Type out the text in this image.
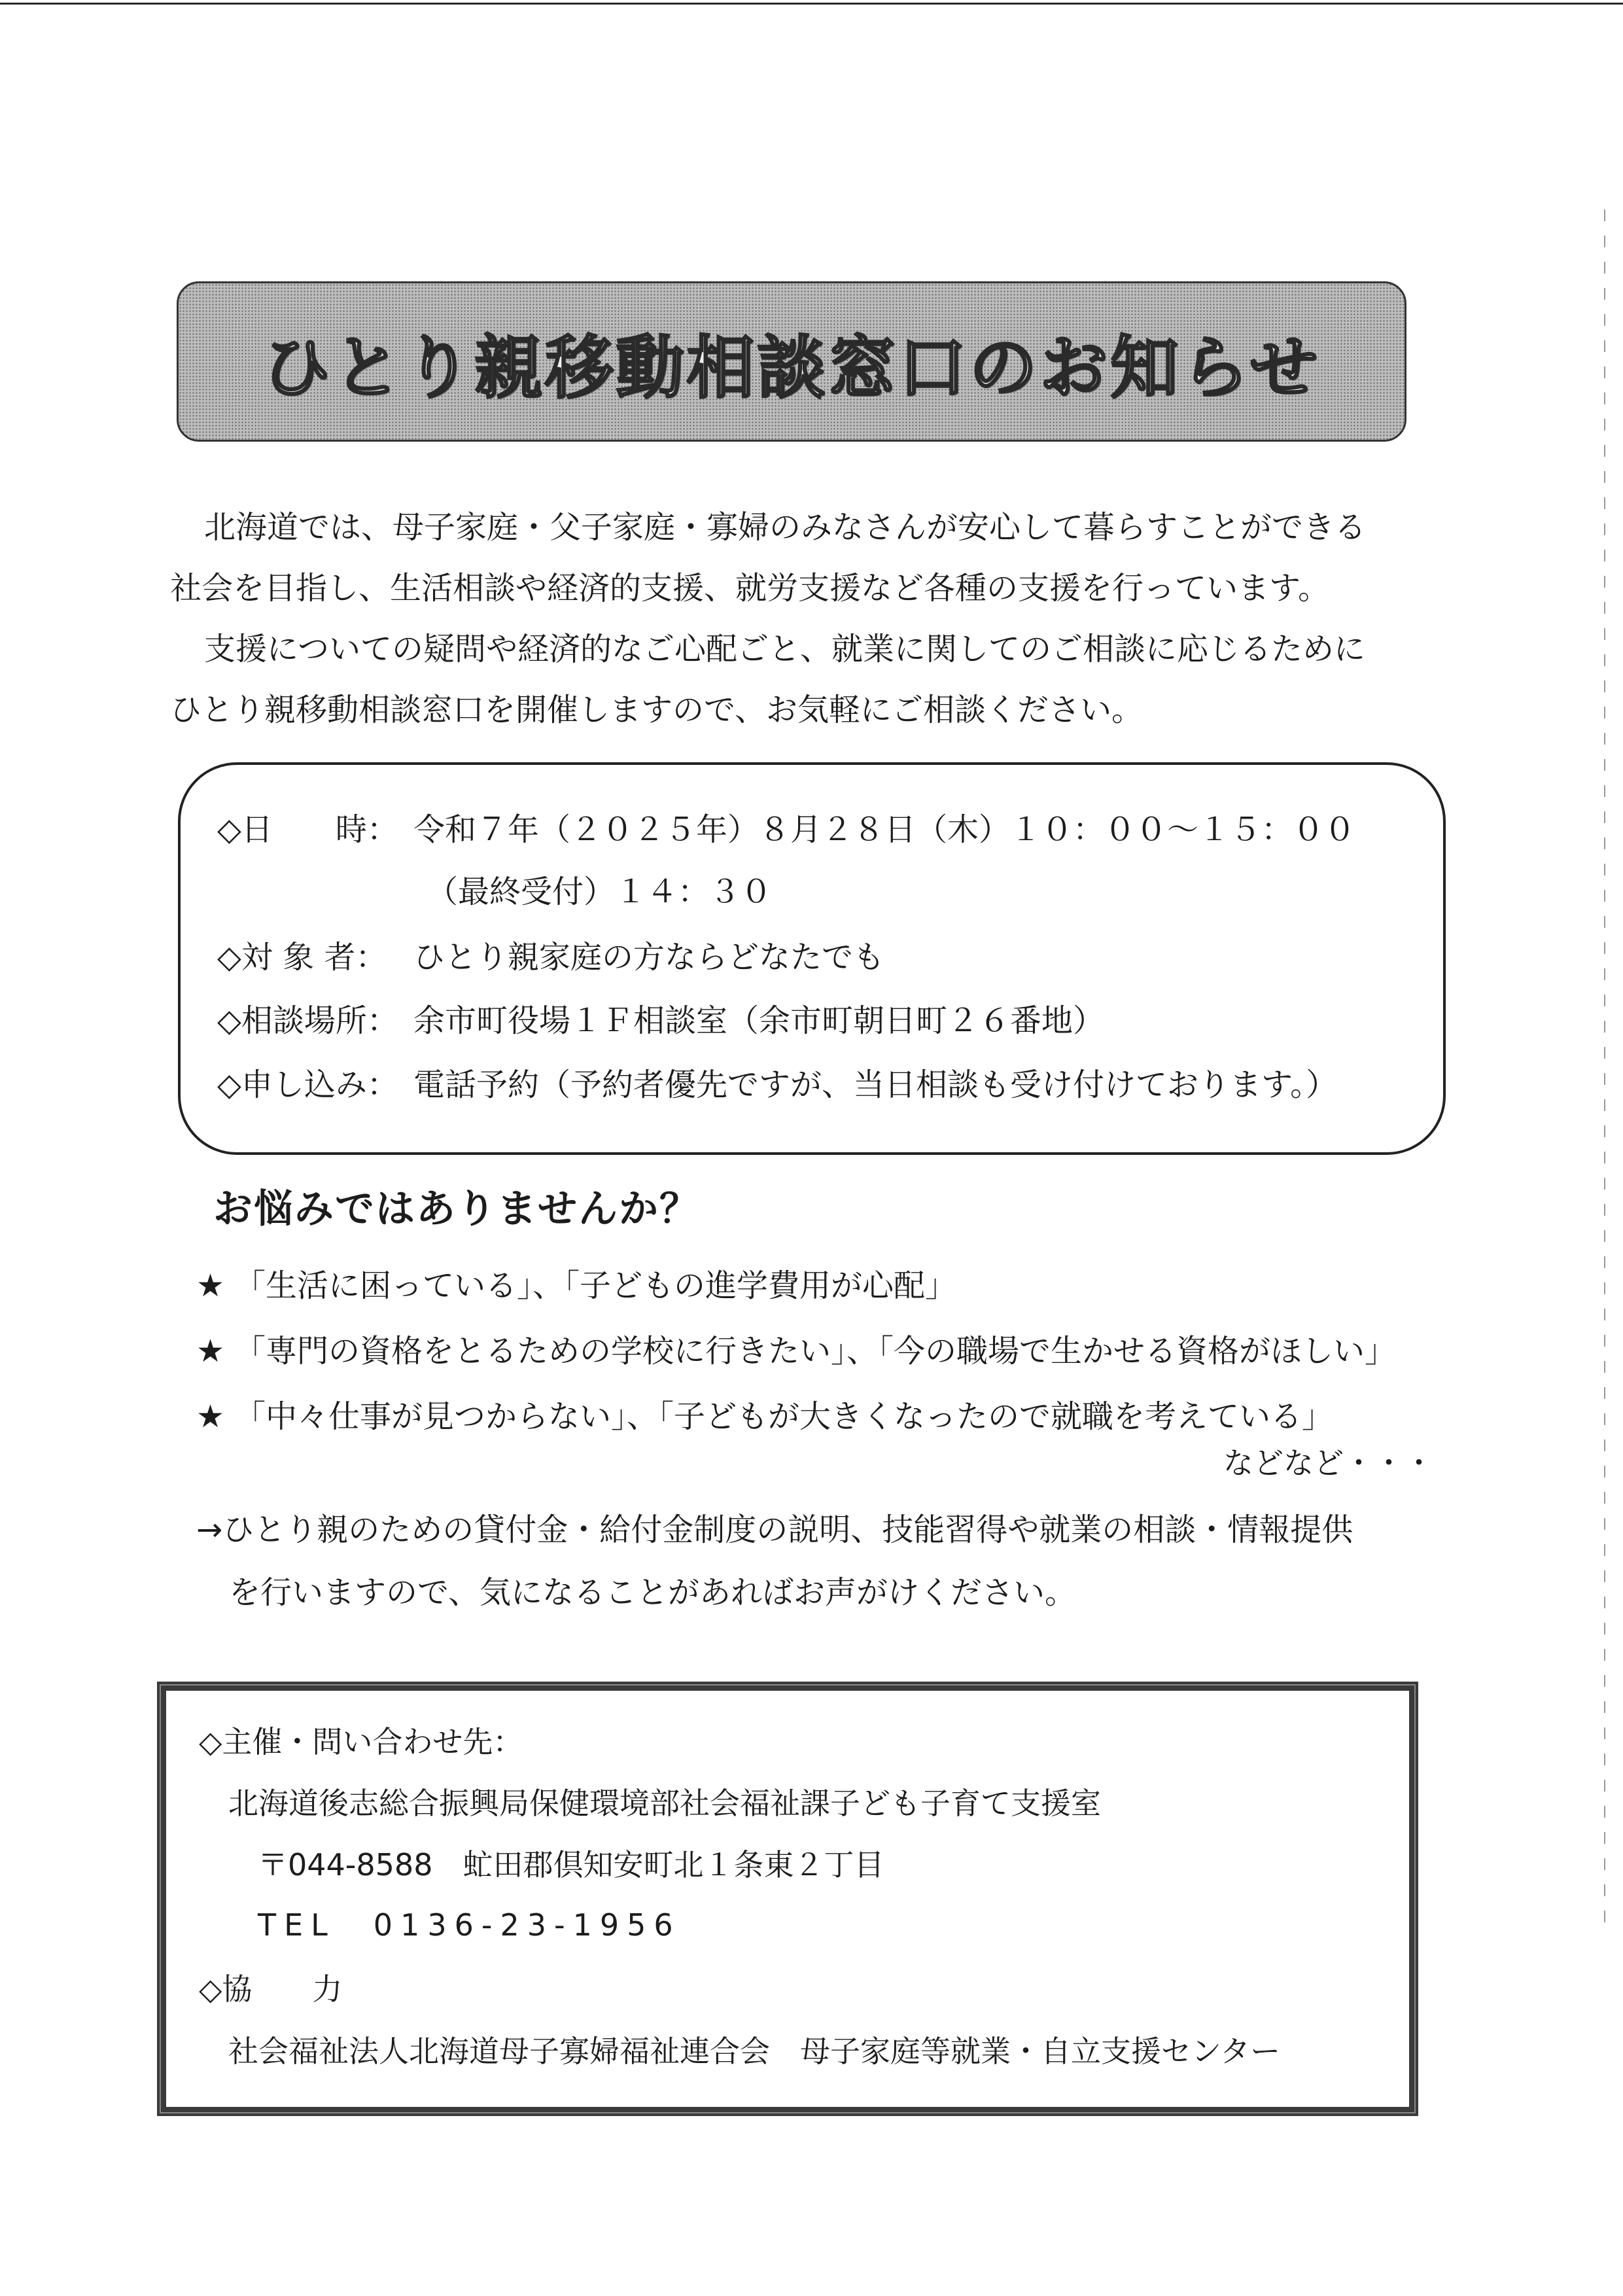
ひとり親移動相談窓口のお知らせ

北海道では、母子家庭・父子家庭・寡婦のみなさんが安心して暮らすことができる

社会を目指し、生活相談や経済的支援、就労支援など各種の支援を行っています。

支援についての疑問や経済的なご心配ごと、就業に関してのご相談に応じるために

ひとり親移動相談窓口を開催しますので、お気軽にご相談ください。

◇日　　時： 令和７年（２０２５年）８月２８日（木）１０：００～１５：００
（最終受付）１４：３０
◇対 象 者： ひとり親家庭の方ならどなたでも
◇相談場所： 余市町役場１Ｆ相談室（余市町朝日町２６番地）
◇申し込み： 電話予約（予約者優先ですが、当日相談も受け付けております。）
お悩みではありませんか？
★ 「生活に困っている」、「子どもの進学費用が心配」
★ 「専門の資格をとるための学校に行きたい」、「今の職場で生かせる資格がほしい」
★ 「中々仕事が見つからない」、「子どもが大きくなったので就職を考えている」
などなど・・・

→ひとり親のための貸付金・給付金制度の説明、技能習得や就業の相談・情報提供

を行いますので、気になることがあればお声がけください。

◇主催・問い合わせ先：
北海道後志総合振興局保健環境部社会福祉課子ども子育て支援室
〒044-8588　虻田郡倶知安町北１条東２丁目
TEL　0136-23-1956
◇協　　力
社会福祉法人北海道母子寡婦福祉連合会　母子家庭等就業・自立支援センター
